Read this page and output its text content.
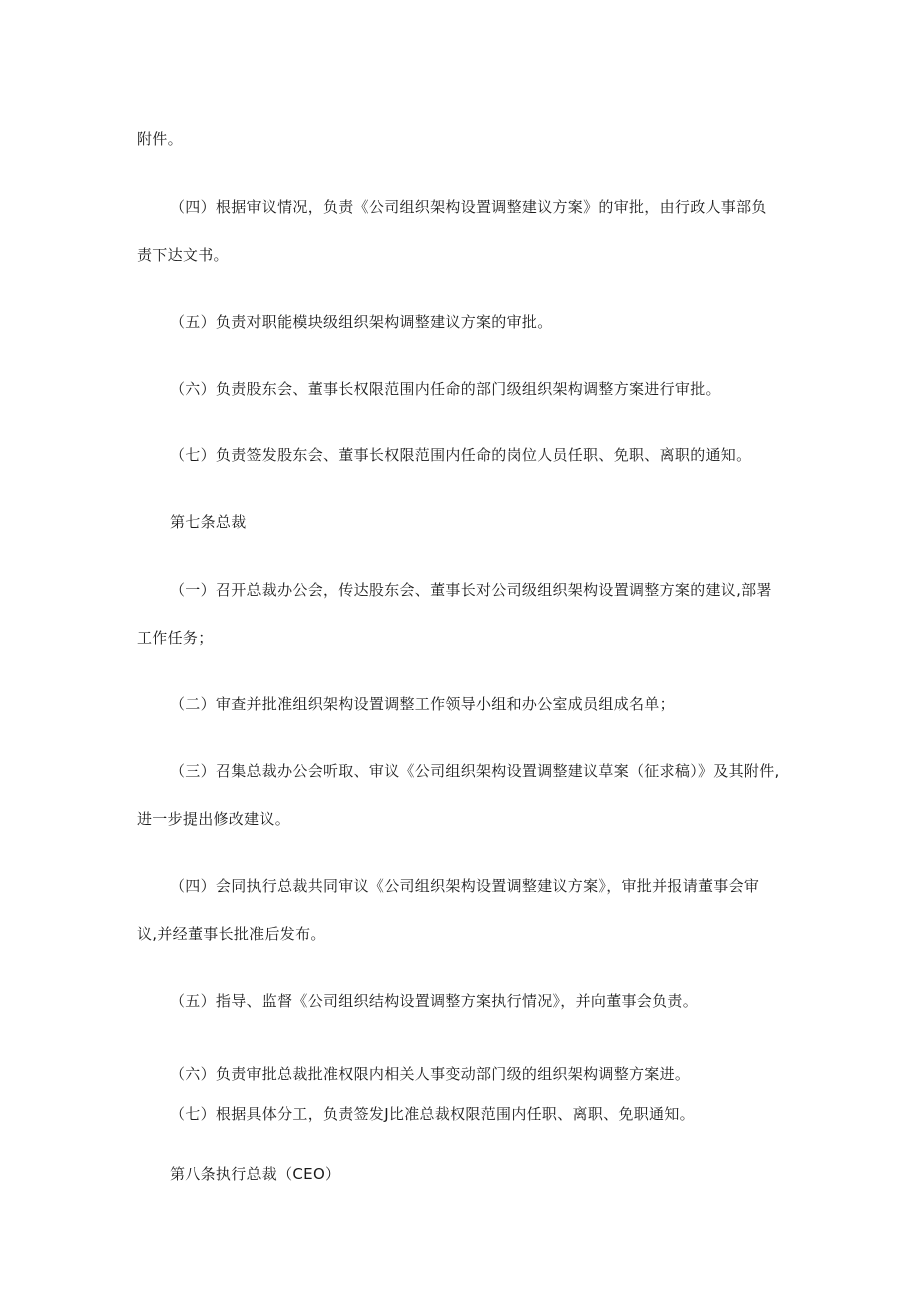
附件。
（四）根据审议情况，负责《公司组织架构设置调整建议方案》的审批，由行政人事部负
责下达文书。
（五）负责对职能模块级组织架构调整建议方案的审批。
（六）负责股东会、董事长权限范围内任命的部门级组织架构调整方案进行审批。
（七）负责签发股东会、董事长权限范围内任命的岗位人员任职、免职、离职的通知。
第七条总裁
（一）召开总裁办公会，传达股东会、董事长对公司级组织架构设置调整方案的建议,部署
工作任务；
（二）审查并批准组织架构设置调整工作领导小组和办公室成员组成名单；
（三）召集总裁办公会听取、审议《公司组织架构设置调整建议草案（征求稿）》及其附件,
进一步提出修改建议。
（四）会同执行总裁共同审议《公司组织架构设置调整建议方案》，审批并报请董事会审
议,并经董事长批准后发布。
（五）指导、监督《公司组织结构设置调整方案执行情况》，并向董事会负责。
（六）负责审批总裁批准权限内相关人事变动部门级的组织架构调整方案进。
（七）根据具体分工，负责签发J比准总裁权限范围内任职、离职、免职通知。
第八条执行总裁（CEO）
